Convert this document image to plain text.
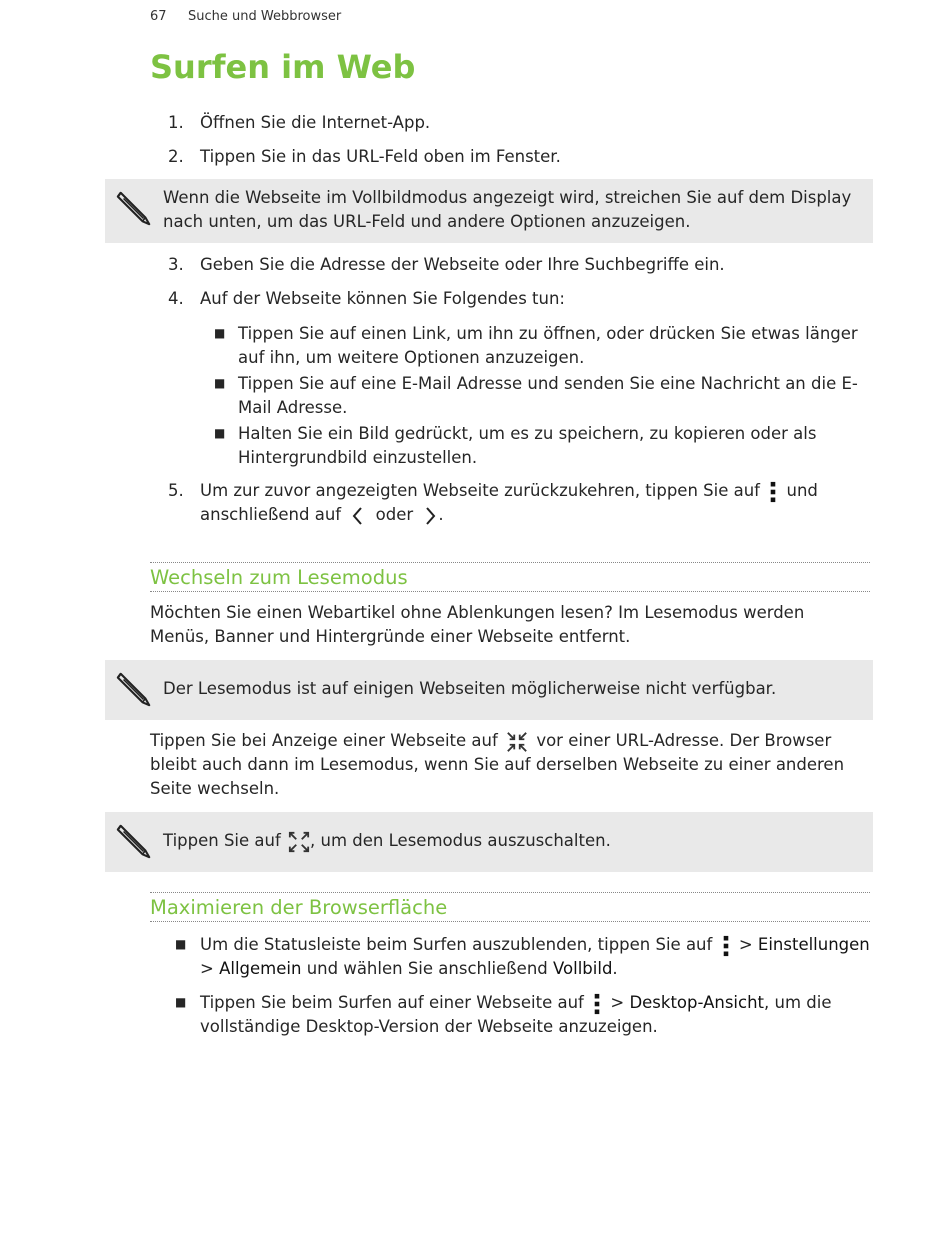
67 Suche und Webbrowser
Surfen im Web
1. Öffnen Sie die Internet-App.
2. Tippen Sie in das URL-Feld oben im Fenster.
Wenn die Webseite im Vollbildmodus angezeigt wird, streichen Sie auf dem Display
nach unten, um das URL-Feld und andere Optionen anzuzeigen.
3. Geben Sie die Adresse der Webseite oder Ihre Suchbegriffe ein.
4. Auf der Webseite können Sie Folgendes tun:
■ Tippen Sie auf einen Link, um ihn zu öffnen, oder drücken Sie etwas länger
auf ihn, um weitere Optionen anzuzeigen.
■ Tippen Sie auf eine E-Mail Adresse und senden Sie eine Nachricht an die E-
Mail Adresse.
■ Halten Sie ein Bild gedrückt, um es zu speichern, zu kopieren oder als
Hintergrundbild einzustellen.
5. Um zur zuvor angezeigten Webseite zurückzukehren, tippen Sie auf und
anschließend auf oder .
Wechseln zum Lesemodus
Möchten Sie einen Webartikel ohne Ablenkungen lesen? Im Lesemodus werden
Menüs, Banner und Hintergründe einer Webseite entfernt.
Der Lesemodus ist auf einigen Webseiten möglicherweise nicht verfügbar.
Tippen Sie bei Anzeige einer Webseite auf vor einer URL-Adresse. Der Browser
bleibt auch dann im Lesemodus, wenn Sie auf derselben Webseite zu einer anderen
Seite wechseln.
Tippen Sie auf , um den Lesemodus auszuschalten.
Maximieren der Browserfläche
■ Um die Statusleiste beim Surfen auszublenden, tippen Sie auf > Einstellungen
> Allgemein und wählen Sie anschließend Vollbild.
■ Tippen Sie beim Surfen auf einer Webseite auf > Desktop-Ansicht, um die
vollständige Desktop-Version der Webseite anzuzeigen.
